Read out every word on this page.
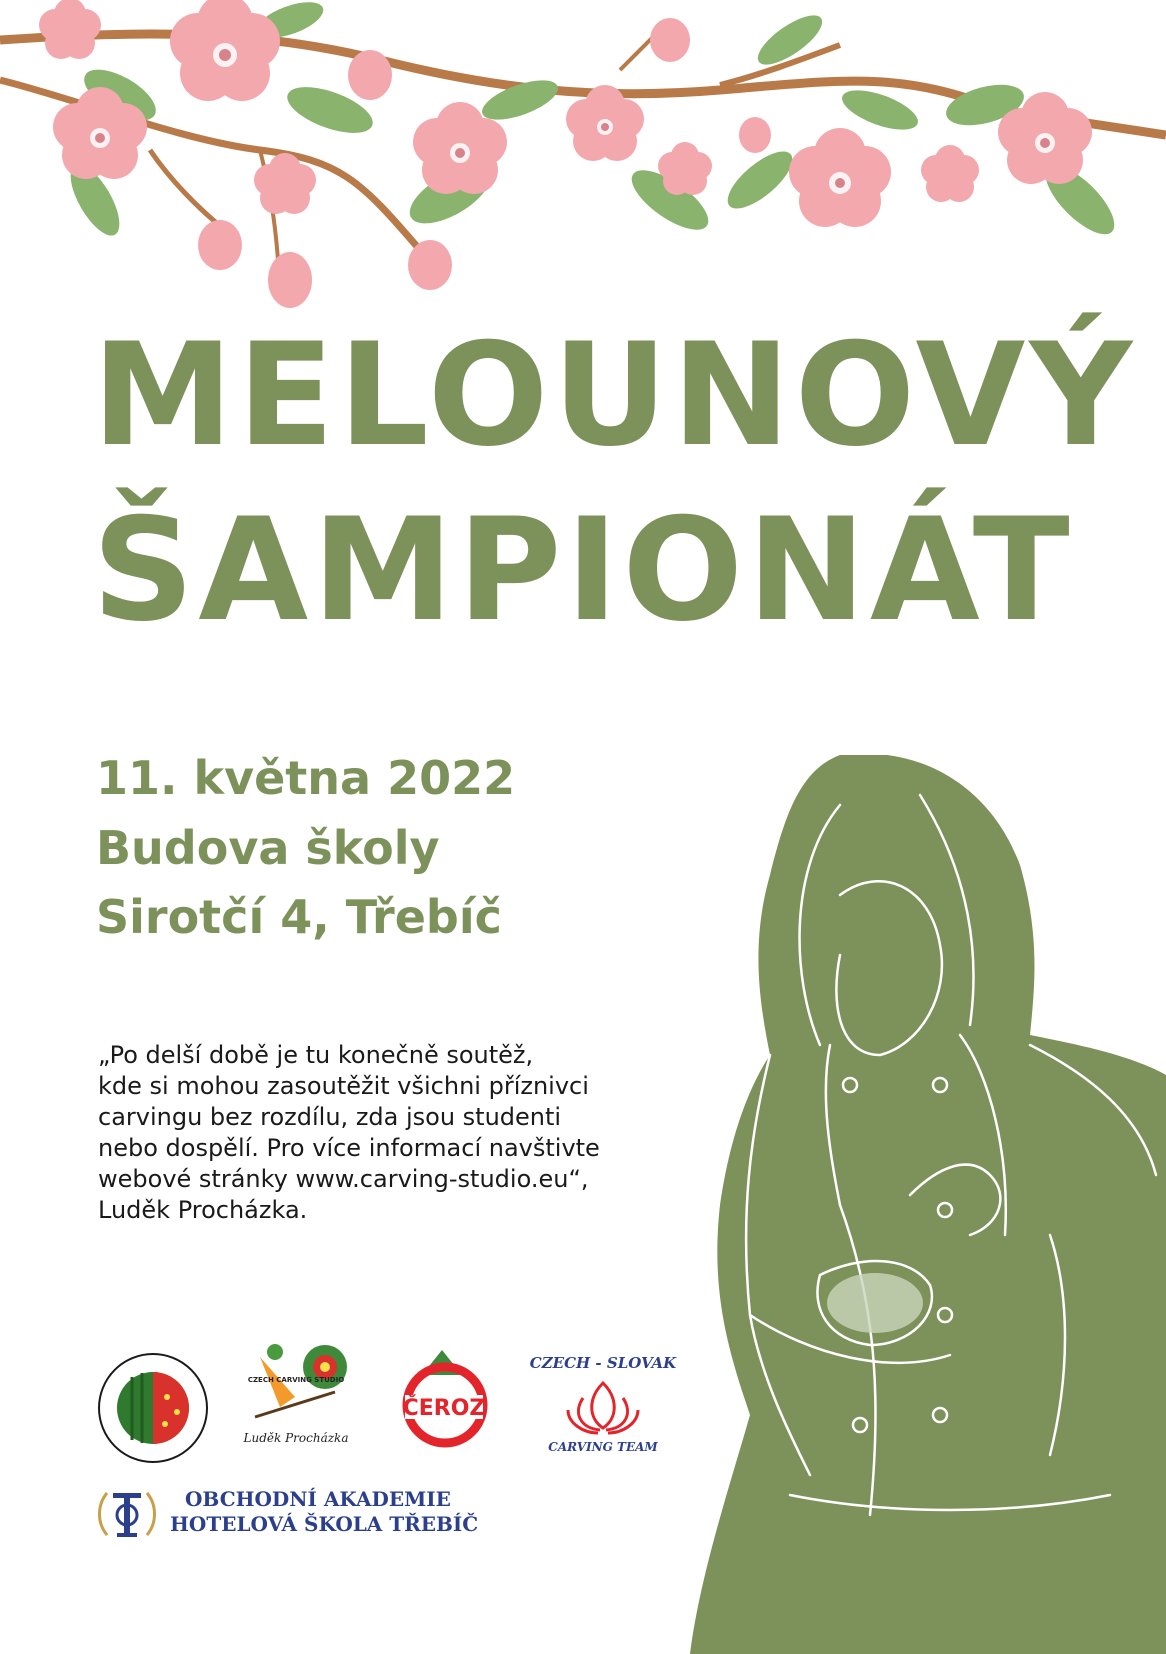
MELOUNOVÝ
ŠAMPIONÁT
11. května 2022
Budova školy
Sirotčí 4, Třebíč
„Po delší době je tu konečně soutěž,
kde si mohou zasoutěžit všichni příznivci
carvingu bez rozdílu, zda jsou studenti
nebo dospělí. Pro více informací navštivte
webové stránky www.carving-studio.eu“,
Luděk Procházka.
CZECH CARVING STUDIO
Luděk Procházka
ČEROZ
CZECH - SLOVAK
CARVING TEAM
OBCHODNÍ AKADEMIE
HOTELOVÁ ŠKOLA TŘEBÍČ
